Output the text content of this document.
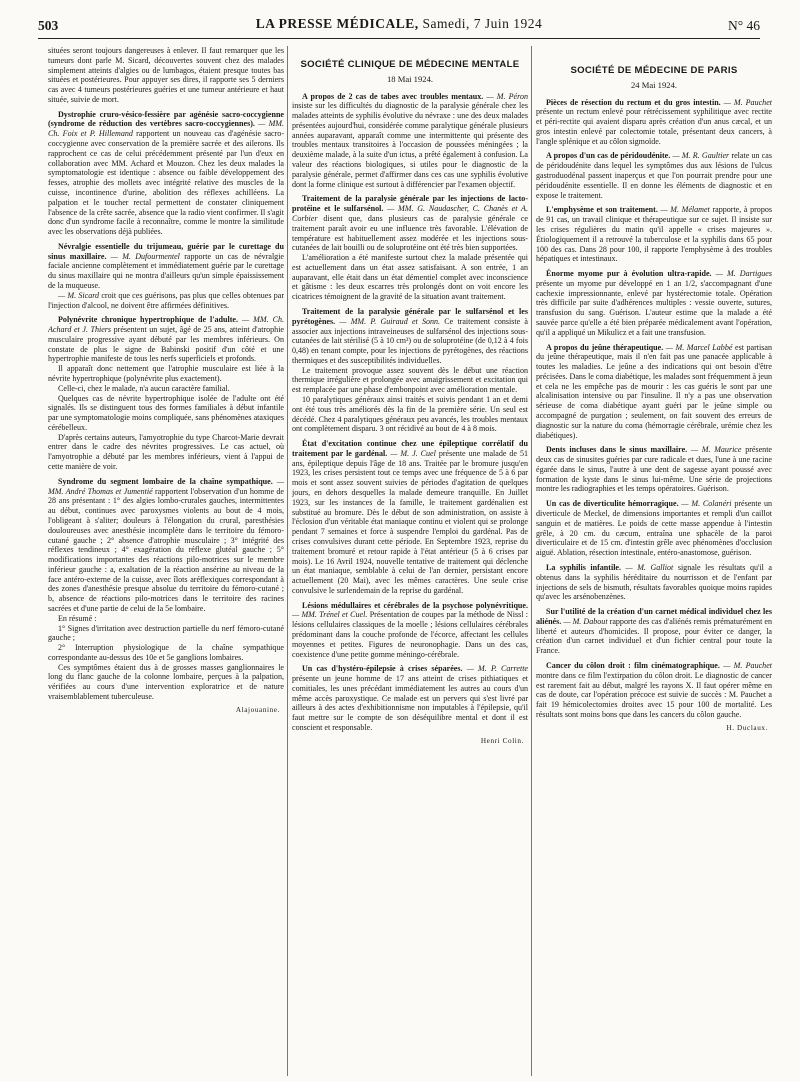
503	LA PRESSE MÉDICALE, Samedi, 7 Juin 1924	N° 46

situées seront toujours dangereuses à enlever. Il faut remarquer que les tumeurs dont parle M. Sicard, découvertes souvent chez des malades simplement atteints d'algies ou de lumbagos, étaient presque toutes bas situées et postérieures. Pour appuyer ses dires, il rapporte ses 5 derniers cas avec 4 tumeurs postérieures guéries et une tumeur antérieure et haut située, suivie de mort.

Dystrophie cruro-vésico-fessière par agénésie sacro-coccygienne (syndrome de réduction des vertèbres sacro-coccygiennes). — MM. Ch. Foix et P. Hillemand rapportent un nouveau cas d'agénésie sacro-coccygienne avec conservation de la première sacrée et des ailerons. Ils rapprochent ce cas de celui précédemment présenté par l'un d'eux en collaboration avec MM. Achard et Mouzon. Chez les deux malades la symptomatologie est identique : absence ou faible développement des fesses, atrophie des mollets avec intégrité relative des muscles de la cuisse, incontinence d'urine, abolition des réflexes achilléens. La palpation et le toucher rectal permettent de constater cliniquement l'absence de la crête sacrée, absence que la radio vient confirmer. Il s'agit donc d'un syndrome facile à reconnaître, comme le montre la similitude avec les observations déjà publiées.

Névralgie essentielle du trijumeau, guérie par le curettage du sinus maxillaire. — M. Dufourmentel rapporte un cas de névralgie faciale ancienne complètement et immédiatement guérie par le curettage du sinus maxillaire qui ne montra d'ailleurs qu'un simple épaississement de la muqueuse.

— M. Sicard croit que ces guérisons, pas plus que celles obtenues par l'injection d'alcool, ne doivent être affirmées définitives.

Polynévrite chronique hypertrophique de l'adulte. — MM. Ch. Achard et J. Thiers présentent un sujet, âgé de 25 ans, atteint d'atrophie musculaire progressive ayant débuté par les membres inférieurs. On constate de plus le signe de Babinski positif d'un côté et une hypertrophie manifeste de tous les nerfs superficiels et profonds.

Il apparaît donc nettement que l'atrophie musculaire est liée à la névrite hypertrophique (polynévrite plus exactement).

Celle-ci, chez le malade, n'a aucun caractère familial.

Quelques cas de névrite hypertrophique isolée de l'adulte ont été signalés. Ils se distinguent tous des formes familiales à début infantile par une symptomatologie moins compliquée, sans phénomènes ataxiques cérébelleux.

D'après certains auteurs, l'amyotrophie du type Charcot-Marie devrait entrer dans le cadre des névrites progressives. Le cas actuel, où l'amyotrophie a débuté par les membres inférieurs, vient à l'appui de cette manière de voir.

Syndrome du segment lombaire de la chaîne sympathique. — MM. André Thomas et Jumentié rapportent l'observation d'un homme de 28 ans présentant : 1° des algies lombo-crurales gauches, intermittentes au début, continues avec paroxysmes violents au bout de 4 mois, l'obligeant à s'aliter; douleurs à l'élongation du crural, paresthésies douloureuses avec anesthésie incomplète dans le territoire du fémoro-cutané gauche ; 2° absence d'atrophie musculaire ; 3° intégrité des réflexes tendineux ; 4° exagération du réflexe glutéal gauche ; 5° modifications importantes des réactions pilo-motrices sur le membre inférieur gauche : a, exaltation de la réaction ansérine au niveau de la face antéro-externe de la cuisse, avec îlots aréflexiques correspondant à des zones d'anesthésie presque absolue du territoire du fémoro-cutané ; b, absence de réactions pilo-motrices dans le territoire des racines sacrées et d'une partie de celui de la 5e lombaire.

En résumé :

1° Signes d'irritation avec destruction partielle du nerf fémoro-cutané gauche ;

2° Interruption physiologique de la chaîne sympathique correspondante au-dessus des 10e et 5e ganglions lombaires.

Ces symptômes étaient dus à de grosses masses ganglionnaires le long du flanc gauche de la colonne lombaire, perçues à la palpation, vérifiées au cours d'une intervention exploratrice et de nature vraisemblablement tuberculeuse.

Alajouanine.
SOCIÉTÉ CLINIQUE DE MÉDECINE MENTALE
18 Mai 1924.

A propos de 2 cas de tabes avec troubles mentaux. — M. Péron insiste sur les difficultés du diagnostic de la paralysie générale chez les malades atteints de syphilis évolutive du névraxe : une des deux malades présentées aujourd'hui, considérée comme paralytique générale plusieurs années auparavant, apparaît comme une intermittente qui présente des troubles mentaux transitoires à l'occasion de poussées méningées ; la deuxième malade, à la suite d'un ictus, a prêté également à confusion. La valeur des réactions biologiques, si utiles pour le diagnostic de la paralysie générale, permet d'affirmer dans ces cas une syphilis évolutive dont la forme clinique est surtout à différencier par l'examen objectif.

Traitement de la paralysie générale par les injections de lacto-protéine et le sulfarsénol. — MM. G. Naudascher, C. Chanès et A. Corbier disent que, dans plusieurs cas de paralysie générale ce traitement paraît avoir eu une influence très favorable. L'élévation de température est habituellement assez modérée et les injections sous-cutanées de lait bouilli ou de soluprotéine ont été très bien supportées.

L'amélioration a été manifeste surtout chez la malade présentée qui est actuellement dans un état assez satisfaisant. A son entrée, 1 an auparavant, elle était dans un état démentiel complet avec inconscience et gâtisme : les deux escarres très prolongés dont on voit encore les cicatrices témoignent de la gravité de la situation avant traitement.

Traitement de la paralysie générale par le sulfarsénol et les pyrétogènes. — MM. P. Guiraud et Sonn. Ce traitement consiste à associer aux injections intraveineuses de sulfarsénol des injections sous-cutanées de lait stérilisé (5 à 10 cm³) ou de soluprotéine (de 0,12 à 4 fois 0,48) en tenant compte, pour les injections de pyrétogènes, des réactions thermiques et des susceptibilités individuelles.

Le traitement provoque assez souvent dès le début une réaction thermique irrégulière et prolongée avec amaigrissement et excitation qui est remplacée par une phase d'embonpoint avec amélioration mentale.

10 paralytiques généraux ainsi traités et suivis pendant 1 an et demi ont été tous très améliorés dès la fin de la première série. Un seul est décédé. Chez 4 paralytiques généraux peu avancés, les troubles mentaux ont complètement disparu. 3 ont récidivé au bout de 4 à 8 mois.

État d'excitation continue chez une épileptique corrélatif du traitement par le gardénal. — M. J. Cuel présente une malade de 51 ans, épileptique depuis l'âge de 18 ans. Traitée par le bromure jusqu'en 1923, les crises persistent tout ce temps avec une fréquence de 5 à 6 par mois et sont assez souvent suivies de périodes d'agitation de quelques jours, en dehors desquelles la malade demeure tranquille. En Juillet 1923, sur les instances de la famille, le traitement gardénalien est substitué au bromure. Dès le début de son administration, on assiste à l'éclosion d'un véritable état maniaque continu et violent qui se prolonge pendant 7 semaines et force à suspendre l'emploi du gardénal. Pas de crises convulsives durant cette période. En Septembre 1923, reprise du traitement bromuré et retour rapide à l'état antérieur (5 à 6 crises par mois). Le 16 Avril 1924, nouvelle tentative de traitement qui déclenche un état maniaque, semblable à celui de l'an dernier, persistant encore actuellement (20 Mai), avec les mêmes caractères. Une seule crise convulsive le surlendemain de la reprise du gardénal.

Lésions médullaires et cérébrales de la psychose polynévritique. — MM. Trénel et Cuel. Présentation de coupes par la méthode de Nissl : lésions cellulaires classiques de la moelle ; lésions cellulaires cérébrales prédominant dans la couche profonde de l'écorce, affectant les cellules moyennes et petites. Figures de neuronophagie. Dans un des cas, coexistence d'une petite gomme méningo-cérébrale.

Un cas d'hystéro-épilepsie à crises séparées. — M. P. Carrette présente un jeune homme de 17 ans atteint de crises pithiatiques et comitiales, les unes précédant immédiatement les autres au cours d'un même accès paroxystique. Ce malade est un pervers qui s'est livré par ailleurs à des actes d'exhibitionnisme non imputables à l'épilepsie, qu'il faut mettre sur le compte de son déséquilibre mental et dont il est conscient et responsable.

Henri Colin.
SOCIÉTÉ DE MÉDECINE DE PARIS
24 Mai 1924.

Pièces de résection du rectum et du gros intestin. — M. Pauchet présente un rectum enlevé pour rétrécissement syphilitique avec rectite et péri-rectite qui avaient disparu après création d'un anus cæcal, et un gros intestin enlevé par colectomie totale, présentant deux cancers, à l'angle splénique et au côlon sigmoïde.

A propos d'un cas de péridoudénite. — M. R. Gaultier relate un cas de péridoudénite dans lequel les symptômes dus aux lésions de l'ulcus gastroduodénal passent inaperçus et que l'on pourrait prendre pour une péridoudénite essentielle. Il en donne les éléments de diagnostic et en expose le traitement.

L'emphysème et son traitement. — M. Mélamet rapporte, à propos de 91 cas, un travail clinique et thérapeutique sur ce sujet. Il insiste sur les crises régulières du matin qu'il appelle « crises majeures ». Étiologiquement il a retrouvé la tuberculose et la syphilis dans 65 pour 100 des cas. Dans 28 pour 100, il rapporte l'emphysème à des troubles hépatiques et intestinaux.

Énorme myome pur à évolution ultra-rapide. — M. Dartigues présente un myome pur développé en 1 an 1/2, s'accompagnant d'une cachexie impressionnante, enlevé par hystérectomie totale. Opération très difficile par suite d'adhérences multiples : vessie ouverte, sutures, transfusion du sang. Guérison. L'auteur estime que la malade a été sauvée parce qu'elle a été bien préparée médicalement avant l'opération, qu'il a appliqué un Mikulicz et a fait une transfusion.

A propos du jeûne thérapeutique. — M. Marcel Labbé est partisan du jeûne thérapeutique, mais il n'en fait pas une panacée applicable à toutes les maladies. Le jeûne a des indications qui ont besoin d'être précisées. Dans le coma diabétique, les malades sont fréquemment à jeun et cela ne les empêche pas de mourir : les cas guéris le sont par une alcalinisation intensive ou par l'insuline. Il n'y a pas une observation sérieuse de coma diabétique ayant guéri par le jeûne simple ou accompagné de purgation ; seulement, on fait souvent des erreurs de diagnostic sur la nature du coma (hémorragie cérébrale, urémie chez les diabétiques).

Dents incluses dans le sinus maxillaire. — M. Maurice présente deux cas de sinusites guéries par cure radicale et dues, l'une à une racine égarée dans le sinus, l'autre à une dent de sagesse ayant poussé avec formation de kyste dans le sinus lui-même. Une série de projections montre les radiographies et les temps opératoires. Guérison.

Un cas de diverticulite hémorragique. — M. Colanéri présente un diverticule de Meckel, de dimensions importantes et rempli d'un caillot sanguin et de matières. Le poids de cette masse appendue à l'intestin grêle, à 20 cm. du cæcum, entraîna une sphacèle de la paroi diverticulaire et de 15 cm. d'intestin grêle avec phénomènes d'occlusion aiguë. Ablation, résection intestinale, entéro-anastomose, guérison.

La syphilis infantile. — M. Galliot signale les résultats qu'il a obtenus dans la syphilis héréditaire du nourrisson et de l'enfant par injections de sels de bismuth, résultats favorables quoique moins rapides qu'avec les arsénobenzènes.

Sur l'utilité de la création d'un carnet médical individuel chez les aliénés. — M. Dabout rapporte des cas d'aliénés remis prématurément en liberté et auteurs d'homicides. Il propose, pour éviter ce danger, la création d'un carnet individuel et d'un fichier central pour toute la France.

Cancer du côlon droit : film cinématographique. — M. Pauchet montre dans ce film l'extirpation du côlon droit. Le diagnostic de cancer est rarement fait au début, malgré les rayons X. Il faut opérer même en cas de doute, car l'opération précoce est suivie de succès : M. Pauchet a fait 19 hémicolectomies droites avec 15 pour 100 de mortalité. Les résultats sont moins bons que dans les cancers du côlon gauche.

H. Duclaux.
